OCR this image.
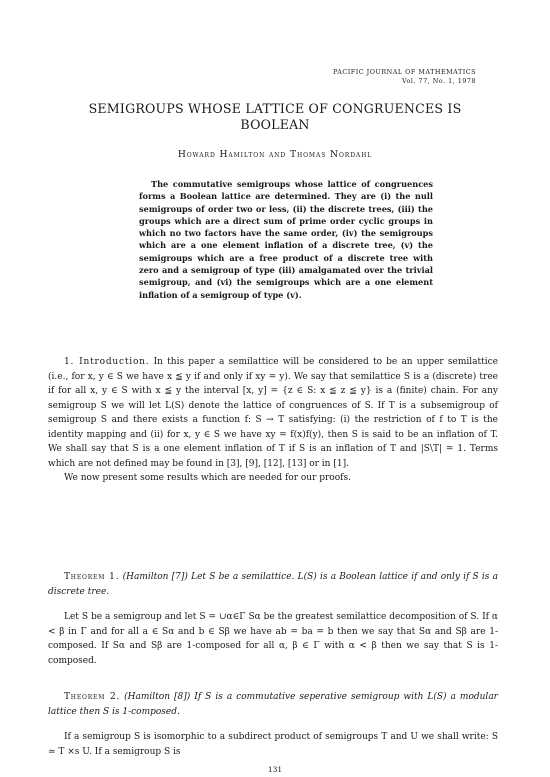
PACIFIC JOURNAL OF MATHEMATICS
Vol. 77, No. 1, 1978
SEMIGROUPS WHOSE LATTICE OF CONGRUENCES IS BOOLEAN
Howard Hamilton and Thomas Nordahl
The commutative semigroups whose lattice of congruences forms a Boolean lattice are determined. They are (i) the null semigroups of order two or less, (ii) the discrete trees, (iii) the groups which are a direct sum of prime order cyclic groups in which no two factors have the same order, (iv) the semigroups which are a one element inflation of a discrete tree, (v) the semigroups which are a free product of a discrete tree with zero and a semigroup of type (iii) amalgamated over the trivial semigroup, and (vi) the semigroups which are a one element inflation of a semigroup of type (v).

1. Introduction. In this paper a semilattice will be considered to be an upper semilattice (i.e., for x, y ∈ S we have x ≦ y if and only if xy = y). We say that semilattice S is a (discrete) tree if for all x, y ∈ S with x ≦ y the interval [x, y] = {z ∈ S: x ≦ z ≦ y} is a (finite) chain. For any semigroup S we will let L(S) denote the lattice of congruences of S. If T is a subsemigroup of semigroup S and there exists a function f: S → T satisfying: (i) the restriction of f to T is the identity mapping and (ii) for x, y ∈ S we have xy = f(x)f(y), then S is said to be an inflation of T. We shall say that S is a one element inflation of T if S is an inflation of T and |S\T| = 1. Terms which are not defined may be found in [3], [9], [12], [13] or in [1].

We now present some results which are needed for our proofs.

Theorem 1. (Hamilton [7]) Let S be a semilattice. L(S) is a Boolean lattice if and only if S is a discrete tree.

Let S be a semigroup and let S = ∪α∈Γ Sα be the greatest semilattice decomposition of S. If α < β in Γ and for all a ∈ Sα and b ∈ Sβ we have ab = ba = b then we say that Sα and Sβ are 1-composed. If Sα and Sβ are 1-composed for all α, β ∈ Γ with α < β then we say that S is 1-composed.

Theorem 2. (Hamilton [8]) If S is a commutative seperative semigroup with L(S) a modular lattice then S is 1-composed.

If a semigroup S is isomorphic to a subdirect product of semigroups T and U we shall write: S ≃ T ×s U. If a semigroup S is

131
